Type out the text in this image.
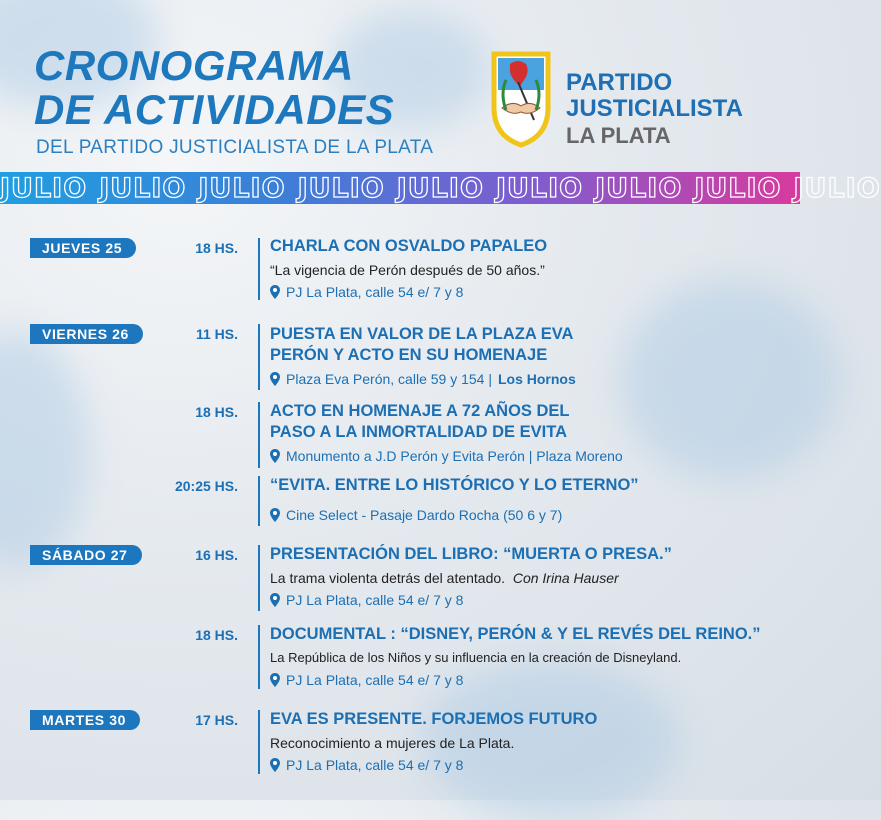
CRONOGRAMA
DE ACTIVIDADES
DEL PARTIDO JUSTICIALISTA DE LA PLATA
PARTIDO
JUSTICIALISTA
LA PLATA
JULIO JULIO JULIO JULIO JULIO JULIO JULIO JULIO JULIO
JUEVES 25
VIERNES 26
SÁBADO 27
MARTES 30
18 HS. CHARLA CON OSVALDO PAPALEO
“La vigencia de Perón después de 50 años.”
PJ La Plata, calle 54 e/ 7 y 8
11 HS. PUESTA EN VALOR DE LA PLAZA EVA
PERÓN Y ACTO EN SU HOMENAJE
Plaza Eva Perón, calle 59 y 154 | Los Hornos
18 HS. ACTO EN HOMENAJE A 72 AÑOS DEL
PASO A LA INMORTALIDAD DE EVITA
Monumento a J.D Perón y Evita Perón | Plaza Moreno
20:25 HS. “EVITA. ENTRE LO HISTÓRICO Y LO ETERNO”
Cine Select - Pasaje Dardo Rocha (50 6 y 7)
16 HS. PRESENTACIÓN DEL LIBRO: “MUERTA O PRESA.”
La trama violenta detrás del atentado. Con Irina Hauser
PJ La Plata, calle 54 e/ 7 y 8
18 HS. DOCUMENTAL : “DISNEY, PERÓN & Y EL REVÉS DEL REINO.”
La República de los Niños y su influencia en la creación de Disneyland.
PJ La Plata, calle 54 e/ 7 y 8
17 HS. EVA ES PRESENTE. FORJEMOS FUTURO
Reconocimiento a mujeres de La Plata.
PJ La Plata, calle 54 e/ 7 y 8
